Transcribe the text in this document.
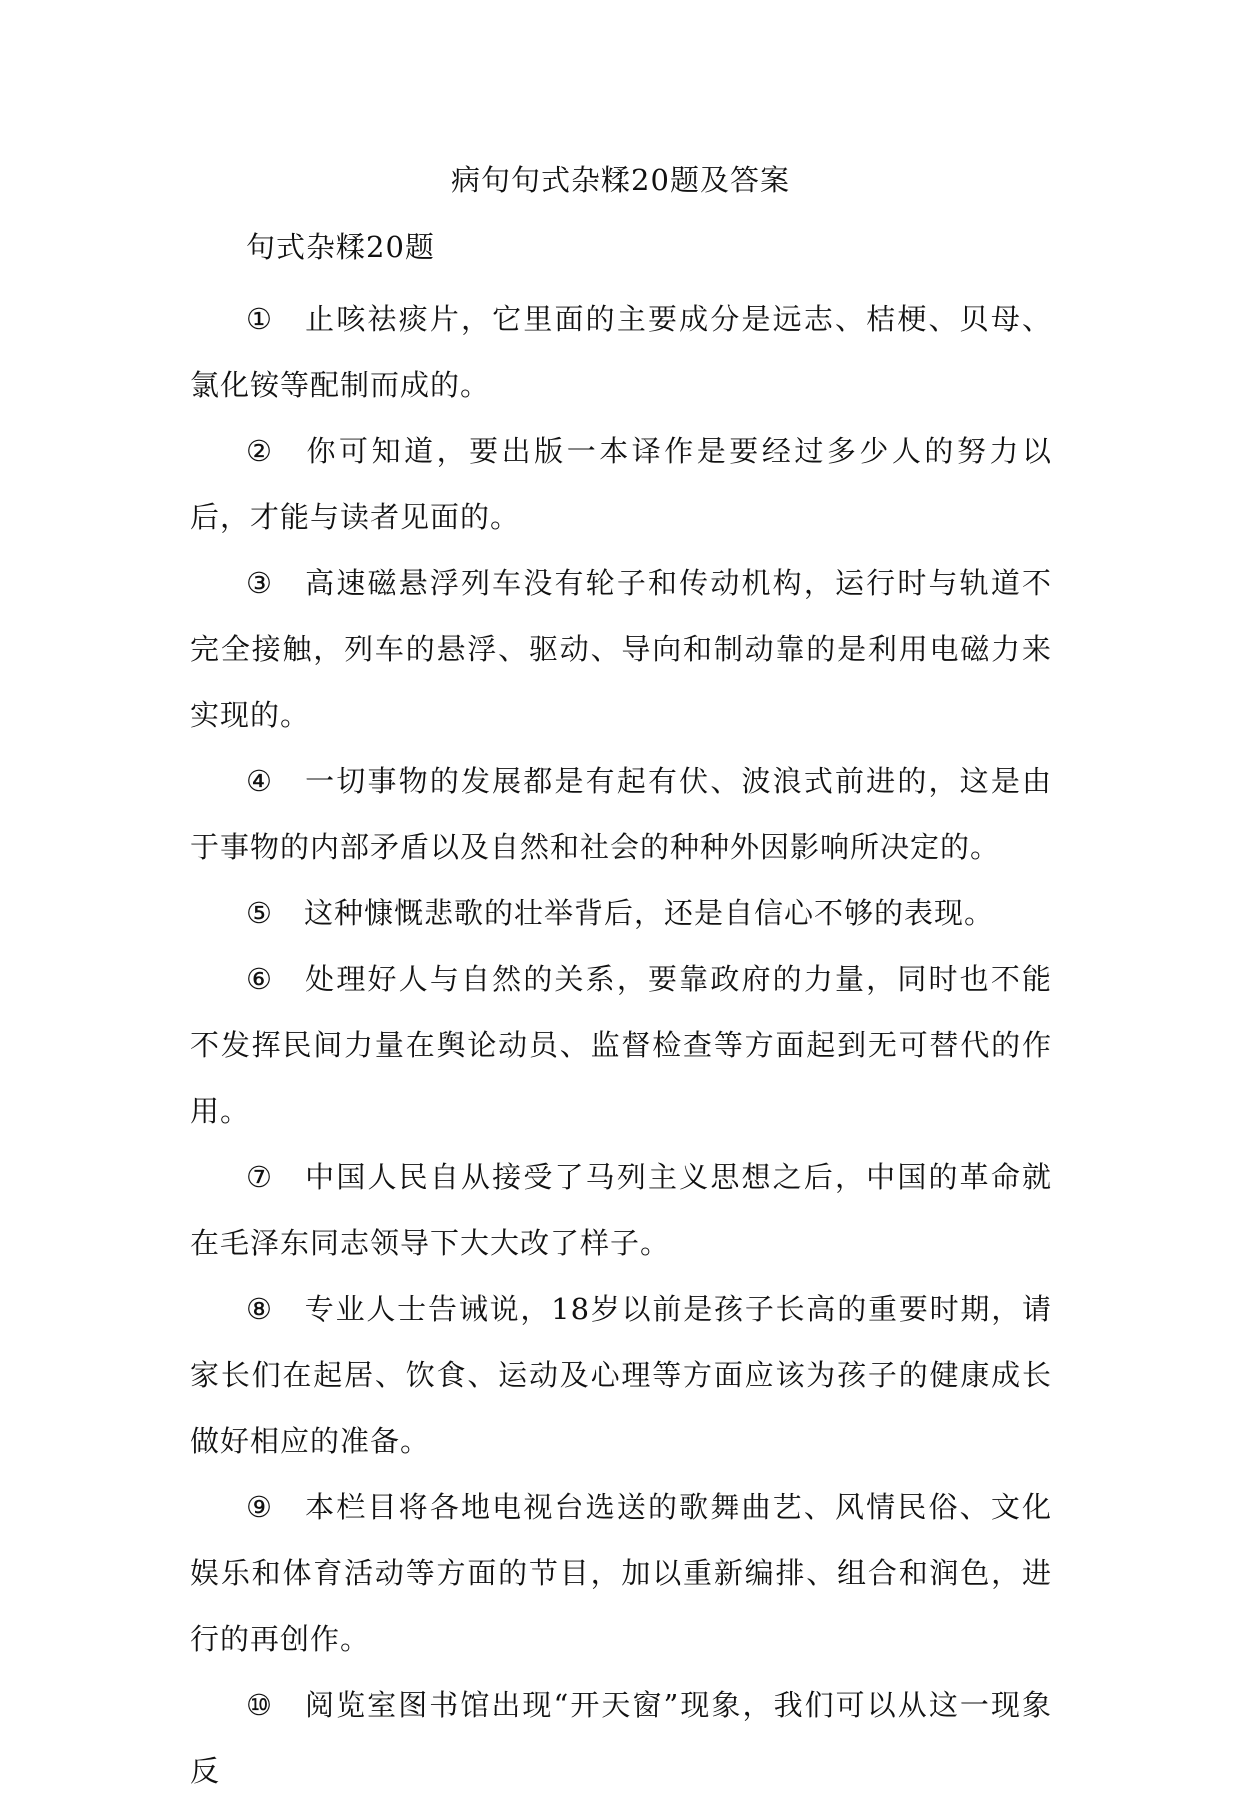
病句句式杂糅20题及答案
句式杂糅20题

① 止咳祛痰片，它里面的主要成分是远志、桔梗、贝母、氯化铵等配制而成的。

② 你可知道，要出版一本译作是要经过多少人的努力以后，才能与读者见面的。

③ 高速磁悬浮列车没有轮子和传动机构，运行时与轨道不完全接触，列车的悬浮、驱动、导向和制动靠的是利用电磁力来实现的。

④ 一切事物的发展都是有起有伏、波浪式前进的，这是由于事物的内部矛盾以及自然和社会的种种外因影响所决定的。

⑤ 这种慷慨悲歌的壮举背后，还是自信心不够的表现。

⑥ 处理好人与自然的关系，要靠政府的力量，同时也不能不发挥民间力量在舆论动员、监督检查等方面起到无可替代的作用。

⑦ 中国人民自从接受了马列主义思想之后，中国的革命就在毛泽东同志领导下大大改了样子。

⑧ 专业人士告诫说，18岁以前是孩子长高的重要时期，请家长们在起居、饮食、运动及心理等方面应该为孩子的健康成长做好相应的准备。

⑨ 本栏目将各地电视台选送的歌舞曲艺、风情民俗、文化娱乐和体育活动等方面的节目，加以重新编排、组合和润色，进行的再创作。

⑩ 阅览室图书馆出现“开天窗”现象，我们可以从这一现象反
